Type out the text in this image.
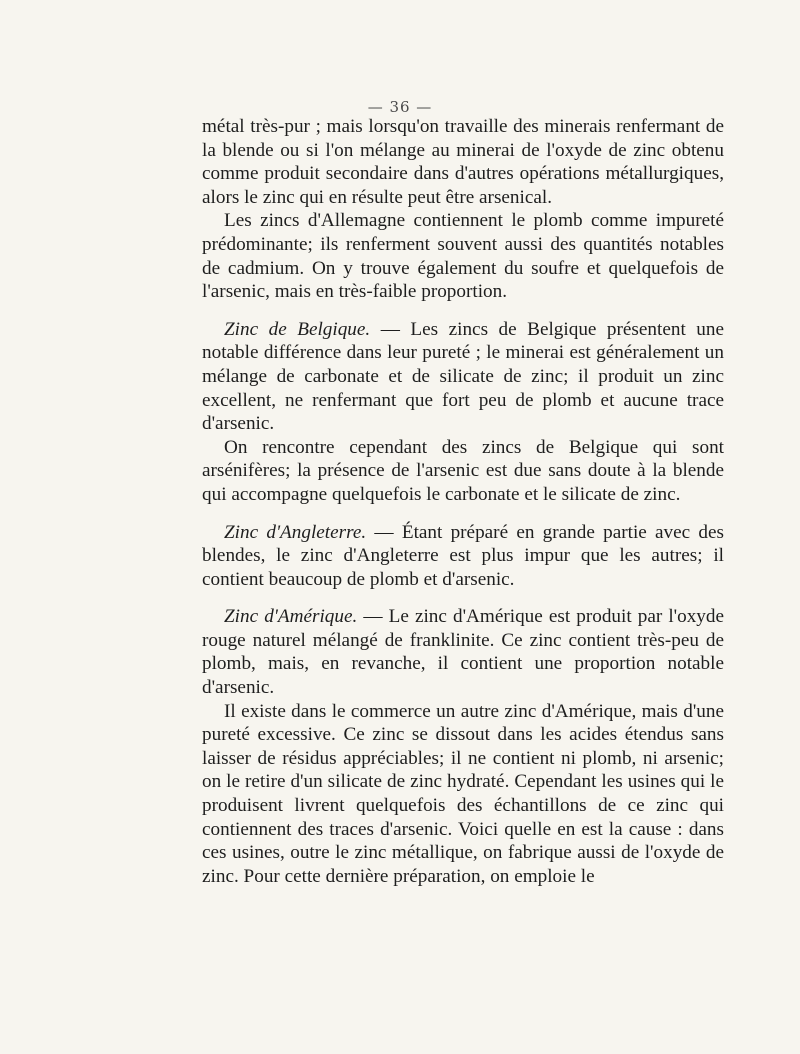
— 36 —

métal très-pur ; mais lorsqu'on travaille des minerais renfermant de la blende ou si l'on mélange au minerai de l'oxyde de zinc obtenu comme produit secondaire dans d'autres opérations métallurgiques, alors le zinc qui en résulte peut être arsenical.

Les zincs d'Allemagne contiennent le plomb comme impureté prédominante; ils renferment souvent aussi des quantités notables de cadmium. On y trouve également du soufre et quelquefois de l'arsenic, mais en très-faible proportion.

Zinc de Belgique. — Les zincs de Belgique présentent une notable différence dans leur pureté ; le minerai est généralement un mélange de carbonate et de silicate de zinc; il produit un zinc excellent, ne renfermant que fort peu de plomb et aucune trace d'arsenic.

On rencontre cependant des zincs de Belgique qui sont arsénifères; la présence de l'arsenic est due sans doute à la blende qui accompagne quelquefois le carbonate et le silicate de zinc.

Zinc d'Angleterre. — Étant préparé en grande partie avec des blendes, le zinc d'Angleterre est plus impur que les autres; il contient beaucoup de plomb et d'arsenic.

Zinc d'Amérique. — Le zinc d'Amérique est produit par l'oxyde rouge naturel mélangé de franklinite. Ce zinc contient très-peu de plomb, mais, en revanche, il contient une proportion notable d'arsenic.

Il existe dans le commerce un autre zinc d'Amérique, mais d'une pureté excessive. Ce zinc se dissout dans les acides étendus sans laisser de résidus appréciables; il ne contient ni plomb, ni arsenic; on le retire d'un silicate de zinc hydraté. Cependant les usines qui le produisent livrent quelquefois des échantillons de ce zinc qui contiennent des traces d'arsenic. Voici quelle en est la cause : dans ces usines, outre le zinc métallique, on fabrique aussi de l'oxyde de zinc. Pour cette dernière préparation, on emploie le
